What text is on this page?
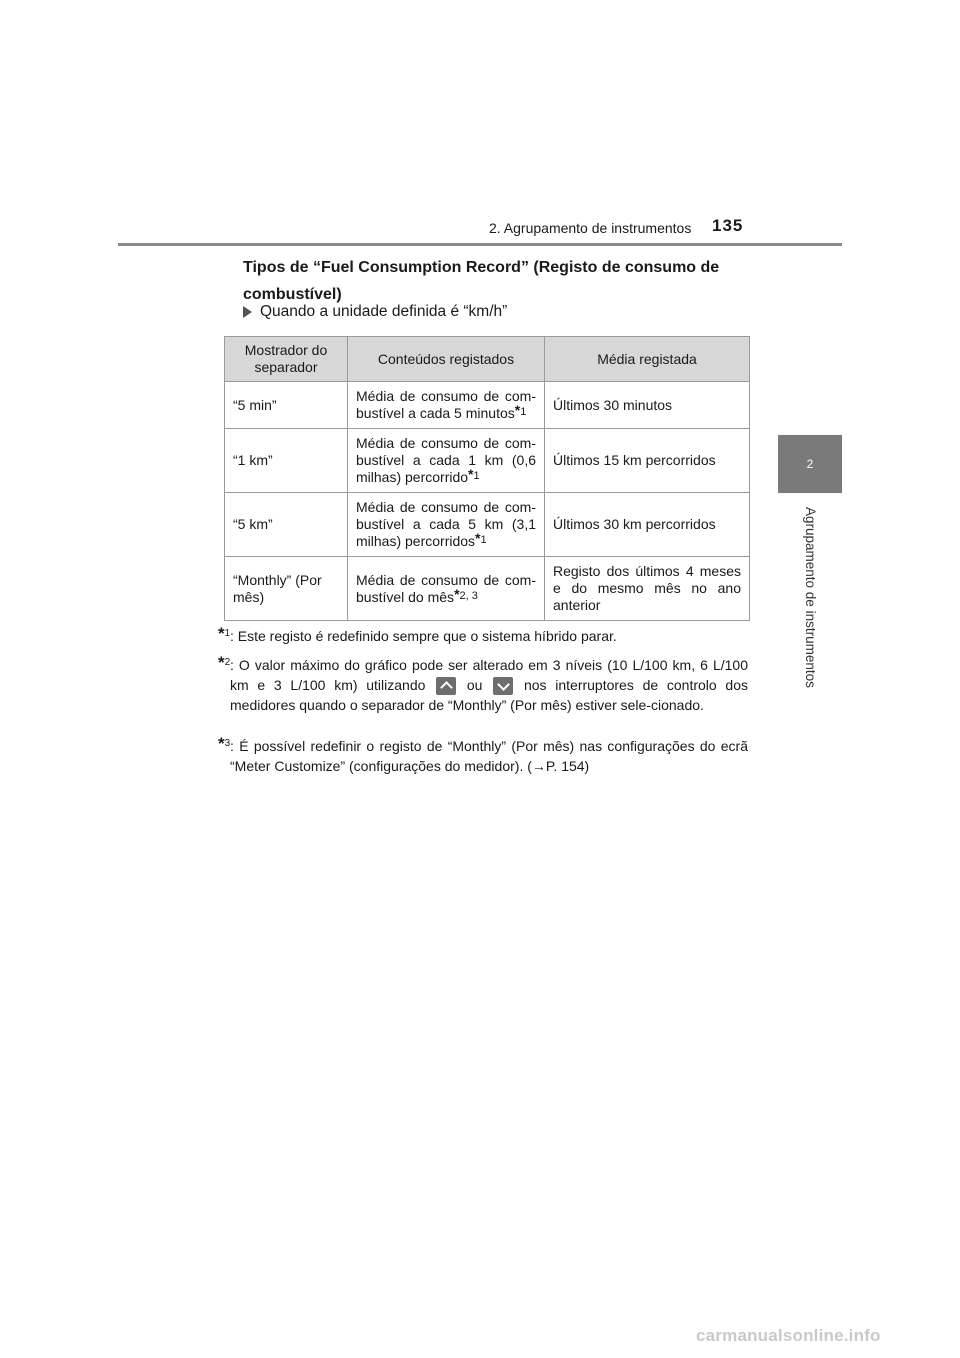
2. Agrupamento de instrumentos 135
2
Agrupamento de instrumentos
Tipos de “Fuel Consumption Record” (Registo de consumo de combustível)
Quando a unidade definida é “km/h”
Mostrador do separador	Conteúdos registados	Média registada
“5 min”	Média de consumo de com-bustível a cada 5 minutos$^{*1}$	Últimos 30 minutos
“1 km”	Média de consumo de com-bustível a cada 1 km (0,6 milhas) percorrido$^{*1}$	Últimos 15 km percorridos
“5 km”	Média de consumo de com-bustível a cada 5 km (3,1 milhas) percorridos$^{*1}$	Últimos 30 km percorridos
“Monthly” (Por mês)	Média de consumo de com-bustível do mês$^{*2, 3}$	Registo dos últimos 4 meses e do mesmo mês no ano anterior
*$^1$ : Este registo é redefinido sempre que o sistema híbrido parar.
*$^2$ : O valor máximo do gráfico pode ser alterado em 3 níveis (10 L/100 km, 6 L/100 km e 3 L/100 km) utilizando	ou	nos interruptores de controlo dos medidores quando o separador de “Monthly” (Por mês) estiver sele-cionado.
*$^3$ : É possível redefinir o registo de “Monthly” (Por mês) nas configurações do ecrã “Meter Customize” (configurações do medidor). (→P. 154)
carmanualsonline.info
